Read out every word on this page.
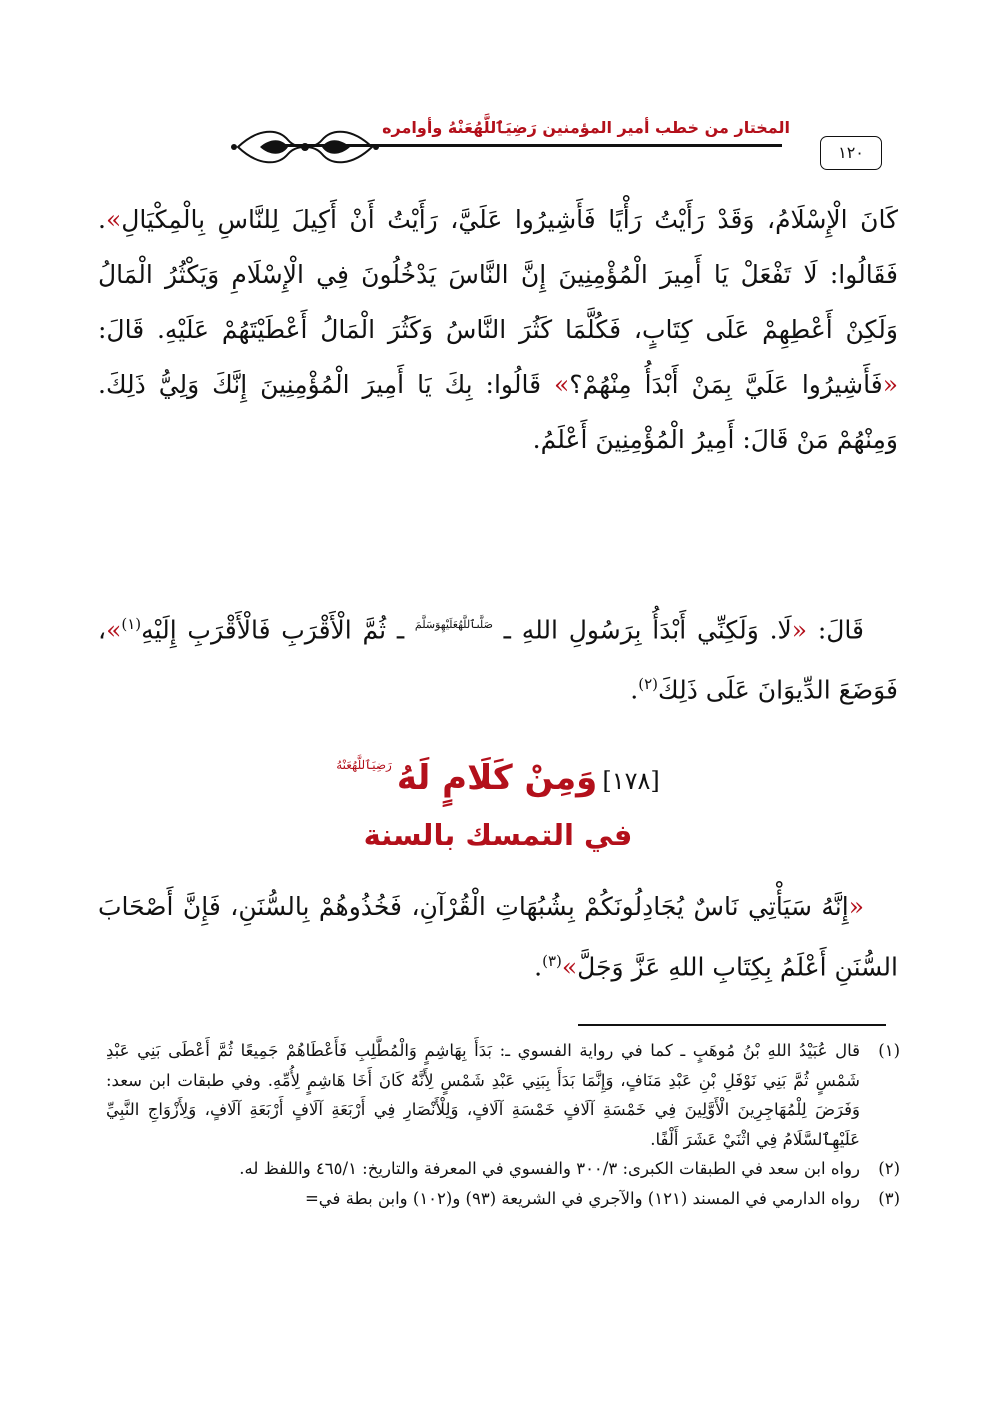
المختار من خطب أمير المؤمنين رَضِيَٱللَّهُعَنْهُ وأوامره
١٢٠

كَانَ الْإِسْلَامُ، وَقَدْ رَأَيْتُ رَأْيًا فَأَشِيرُوا عَلَيَّ، رَأَيْتُ أَنْ أَكِيلَ لِلنَّاسِ بِالْمِكْيَالِ». فَقَالُوا: لَا تَفْعَلْ يَا أَمِيرَ الْمُؤْمِنِينَ إِنَّ النَّاسَ يَدْخُلُونَ فِي الْإِسْلَامِ وَيَكْثُرُ الْمَالُ وَلَكِنْ أَعْطِهِمْ عَلَى كِتَابٍ، فَكُلَّمَا كَثُرَ النَّاسُ وَكَثُرَ الْمَالُ أَعْطَيْتَهُمْ عَلَيْهِ. قَالَ: «فَأَشِيرُوا عَلَيَّ بِمَنْ أَبْدَأُ مِنْهُمْ؟» قَالُوا: بِكَ يَا أَمِيرَ الْمُؤْمِنِينَ إِنَّكَ وَلِيُّ ذَلِكَ. وَمِنْهُمْ مَنْ قَالَ: أَمِيرُ الْمُؤْمِنِينَ أَعْلَمُ.

قَالَ: «لَا. وَلَكِنِّي أَبْدَأُ بِرَسُولِ اللهِ ـ $^{صَلَّىٱللَّهُعَلَيْهِوَسَلَّمَ}$ ـ ثُمَّ الْأَقْرَبِ فَالْأَقْرَبِ إِلَيْهِ$^{(١)}$»، فَوَضَعَ الدِّيوَانَ عَلَى ذَلِكَ$^{(٢)}$.

[١٧٨] وَمِنْ كَلَامٍ لَهُ $^{رَضِيَٱللَّهُعَنْهُ}$
في التمسك بالسنة

«إِنَّهُ سَيَأْتِي نَاسٌ يُجَادِلُونَكُمْ بِشُبُهَاتِ الْقُرْآنِ، فَخُذُوهُمْ بِالسُّنَنِ، فَإِنَّ أَصْحَابَ السُّنَنِ أَعْلَمُ بِكِتَابِ اللهِ عَزَّ وَجَلَّ»$^{(٣)}$.

(١)
قال عُبَيْدُ اللهِ بْنُ مُوهَبٍ ـ كما في رواية الفسوي ـ: بَدَأَ بِهَاشِمٍ وَالْمُطَّلِبِ فَأَعْطَاهُمْ جَمِيعًا ثُمَّ أَعْطَى بَنِي عَبْدِ شَمْسٍ ثُمَّ بَنِي نَوْفَلِ بْنِ عَبْدِ مَنَافٍ، وَإِنَّمَا بَدَأَ بِبَنِي عَبْدِ شَمْسٍ لِأَنَّهُ كَانَ أَخَا هَاشِمٍ لِأُمِّهِ. وفي طبقات ابن سعد: وَفَرَضَ لِلْمُهَاجِرِينَ الْأَوَّلِينَ فِي خَمْسَةِ آلَافٍ خَمْسَةِ آلَافٍ، وَلِلْأَنْصَارِ فِي أَرْبَعَةِ آلَافٍ أَرْبَعَةِ آلَافٍ، وَلِأَزْوَاجِ النَّبِيِّ عَلَيْهِٱلسَّلَامُ فِي اثْنَيْ عَشَرَ أَلْفًا.

(٢)
رواه ابن سعد في الطبقات الكبرى: ٣٠٠/٣ والفسوي في المعرفة والتاريخ: ٤٦٥/١ واللفظ له.

(٣)
رواه الدارمي في المسند (١٢١) والآجري في الشريعة (٩٣) و(١٠٢) وابن بطة في=
